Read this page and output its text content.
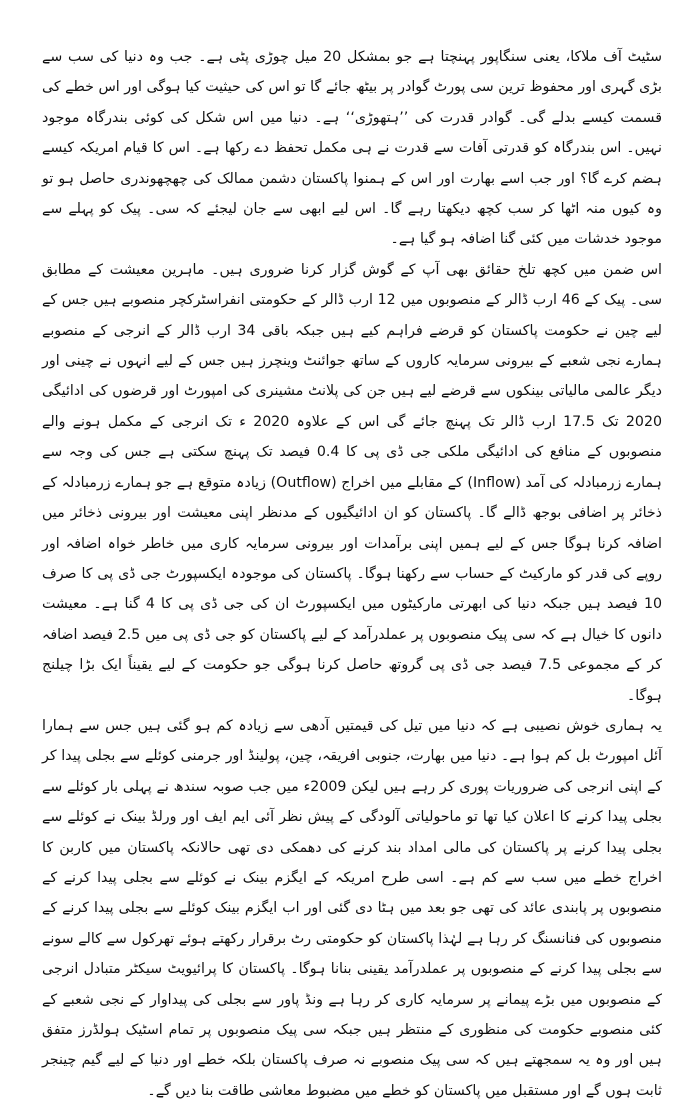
سٹیٹ آف ملاکا، یعنی سنگاپور پہنچتا ہے جو بمشکل 20 میل چوڑی پٹی ہے۔ جب وہ دنیا کی سب سے بڑی گہری اور محفوظ ترین سی پورٹ گوادر پر بیٹھ جائے گا تو اس کی حیثیت کیا ہوگی اور اس خطے کی قسمت کیسے بدلے گی۔ گوادر قدرت کی ’’ہتھوڑی‘‘ ہے۔ دنیا میں اس شکل کی کوئی بندرگاہ موجود نہیں۔ اس بندرگاہ کو قدرتی آفات سے قدرت نے ہی مکمل تحفظ دے رکھا ہے۔ اس کا قیام امریکہ کیسے ہضم کرے گا؟ اور جب اسے بھارت اور اس کے ہمنوا پاکستان دشمن ممالک کی چھچھوندری حاصل ہو تو وہ کیوں منہ اٹھا کر سب کچھ دیکھتا رہے گا۔ اس لیے ابھی سے جان لیجئے کہ سی۔ پیک کو پہلے سے موجود خدشات میں کئی گنا اضافہ ہو گیا ہے۔

اس ضمن میں کچھ تلخ حقائق بھی آپ کے گوش گزار کرنا ضروری ہیں۔ ماہرین معیشت کے مطابق سی۔ پیک کے 46 ارب ڈالر کے منصوبوں میں 12 ارب ڈالر کے حکومتی انفراسٹرکچر منصوبے ہیں جس کے لیے چین نے حکومت پاکستان کو قرضے فراہم کیے ہیں جبکہ باقی 34 ارب ڈالر کے انرجی کے منصوبے ہمارے نجی شعبے کے بیرونی سرمایہ کاروں کے ساتھ جوائنٹ وینچرز ہیں جس کے لیے انہوں نے چینی اور دیگر عالمی مالیاتی بینکوں سے قرضے لیے ہیں جن کی پلانٹ مشینری کی امپورٹ اور قرضوں کی ادائیگی 2020 تک 17.5 ارب ڈالر تک پہنچ جائے گی اس کے علاوہ 2020 ء تک انرجی کے مکمل ہونے والے منصوبوں کے منافع کی ادائیگی ملکی جی ڈی پی کا 0.4 فیصد تک پہنچ سکتی ہے جس کی وجہ سے ہمارے زرمبادلہ کی آمد (Inflow) کے مقابلے میں اخراج (Outflow) زیادہ متوقع ہے جو ہمارے زرمبادلہ کے ذخائر پر اضافی بوجھ ڈالے گا۔ پاکستان کو ان ادائیگیوں کے مدنظر اپنی معیشت اور بیرونی ذخائر میں اضافہ کرنا ہوگا جس کے لیے ہمیں اپنی برآمدات اور بیرونی سرمایہ کاری میں خاطر خواہ اضافہ اور روپے کی قدر کو مارکیٹ کے حساب سے رکھنا ہوگا۔ پاکستان کی موجودہ ایکسپورٹ جی ڈی پی کا صرف 10 فیصد ہیں جبکہ دنیا کی ابھرتی مارکیٹوں میں ایکسپورٹ ان کی جی ڈی پی کا 4 گنا ہے۔ معیشت دانوں کا خیال ہے کہ سی پیک منصوبوں پر عملدرآمد کے لیے پاکستان کو جی ڈی پی میں 2.5 فیصد اضافہ کر کے مجموعی 7.5 فیصد جی ڈی پی گروتھ حاصل کرنا ہوگی جو حکومت کے لیے یقیناً ایک بڑا چیلنج ہوگا۔

یہ ہماری خوش نصیبی ہے کہ دنیا میں تیل کی قیمتیں آدھی سے زیادہ کم ہو گئی ہیں جس سے ہمارا آئل امپورٹ بل کم ہوا ہے۔ دنیا میں بھارت، جنوبی افریقہ، چین، پولینڈ اور جرمنی کوئلے سے بجلی پیدا کر کے اپنی انرجی کی ضروریات پوری کر رہے ہیں لیکن 2009ء میں جب صوبہ سندھ نے پہلی بار کوئلے سے بجلی پیدا کرنے کا اعلان کیا تھا تو ماحولیاتی آلودگی کے پیش نظر آئی ایم ایف اور ورلڈ بینک نے کوئلے سے بجلی پیدا کرنے پر پاکستان کی مالی امداد بند کرنے کی دھمکی دی تھی حالانکہ پاکستان میں کاربن کا اخراج خطے میں سب سے کم ہے۔ اسی طرح امریکہ کے ایگزم بینک نے کوئلے سے بجلی پیدا کرنے کے منصوبوں پر پابندی عائد کی تھی جو بعد میں ہٹا دی گئی اور اب ایگزم بینک کوئلے سے بجلی پیدا کرنے کے منصوبوں کی فنانسنگ کر رہا ہے لہٰذا پاکستان کو حکومتی رٹ برقرار رکھتے ہوئے تھرکول سے کالے سونے سے بجلی پیدا کرنے کے منصوبوں پر عملدرآمد یقینی بنانا ہوگا۔ پاکستان کا پرائیویٹ سیکٹر متبادل انرجی کے منصوبوں میں بڑے پیمانے پر سرمایہ کاری کر رہا ہے ونڈ پاور سے بجلی کی پیداوار کے نجی شعبے کے کئی منصوبے حکومت کی منظوری کے منتظر ہیں جبکہ سی پیک منصوبوں پر تمام اسٹیک ہولڈرز متفق ہیں اور وہ یہ سمجھتے ہیں کہ سی پیک منصوبے نہ صرف پاکستان بلکہ خطے اور دنیا کے لیے گیم چینجر ثابت ہوں گے اور مستقبل میں پاکستان کو خطے میں مضبوط معاشی طاقت بنا دیں گے۔
